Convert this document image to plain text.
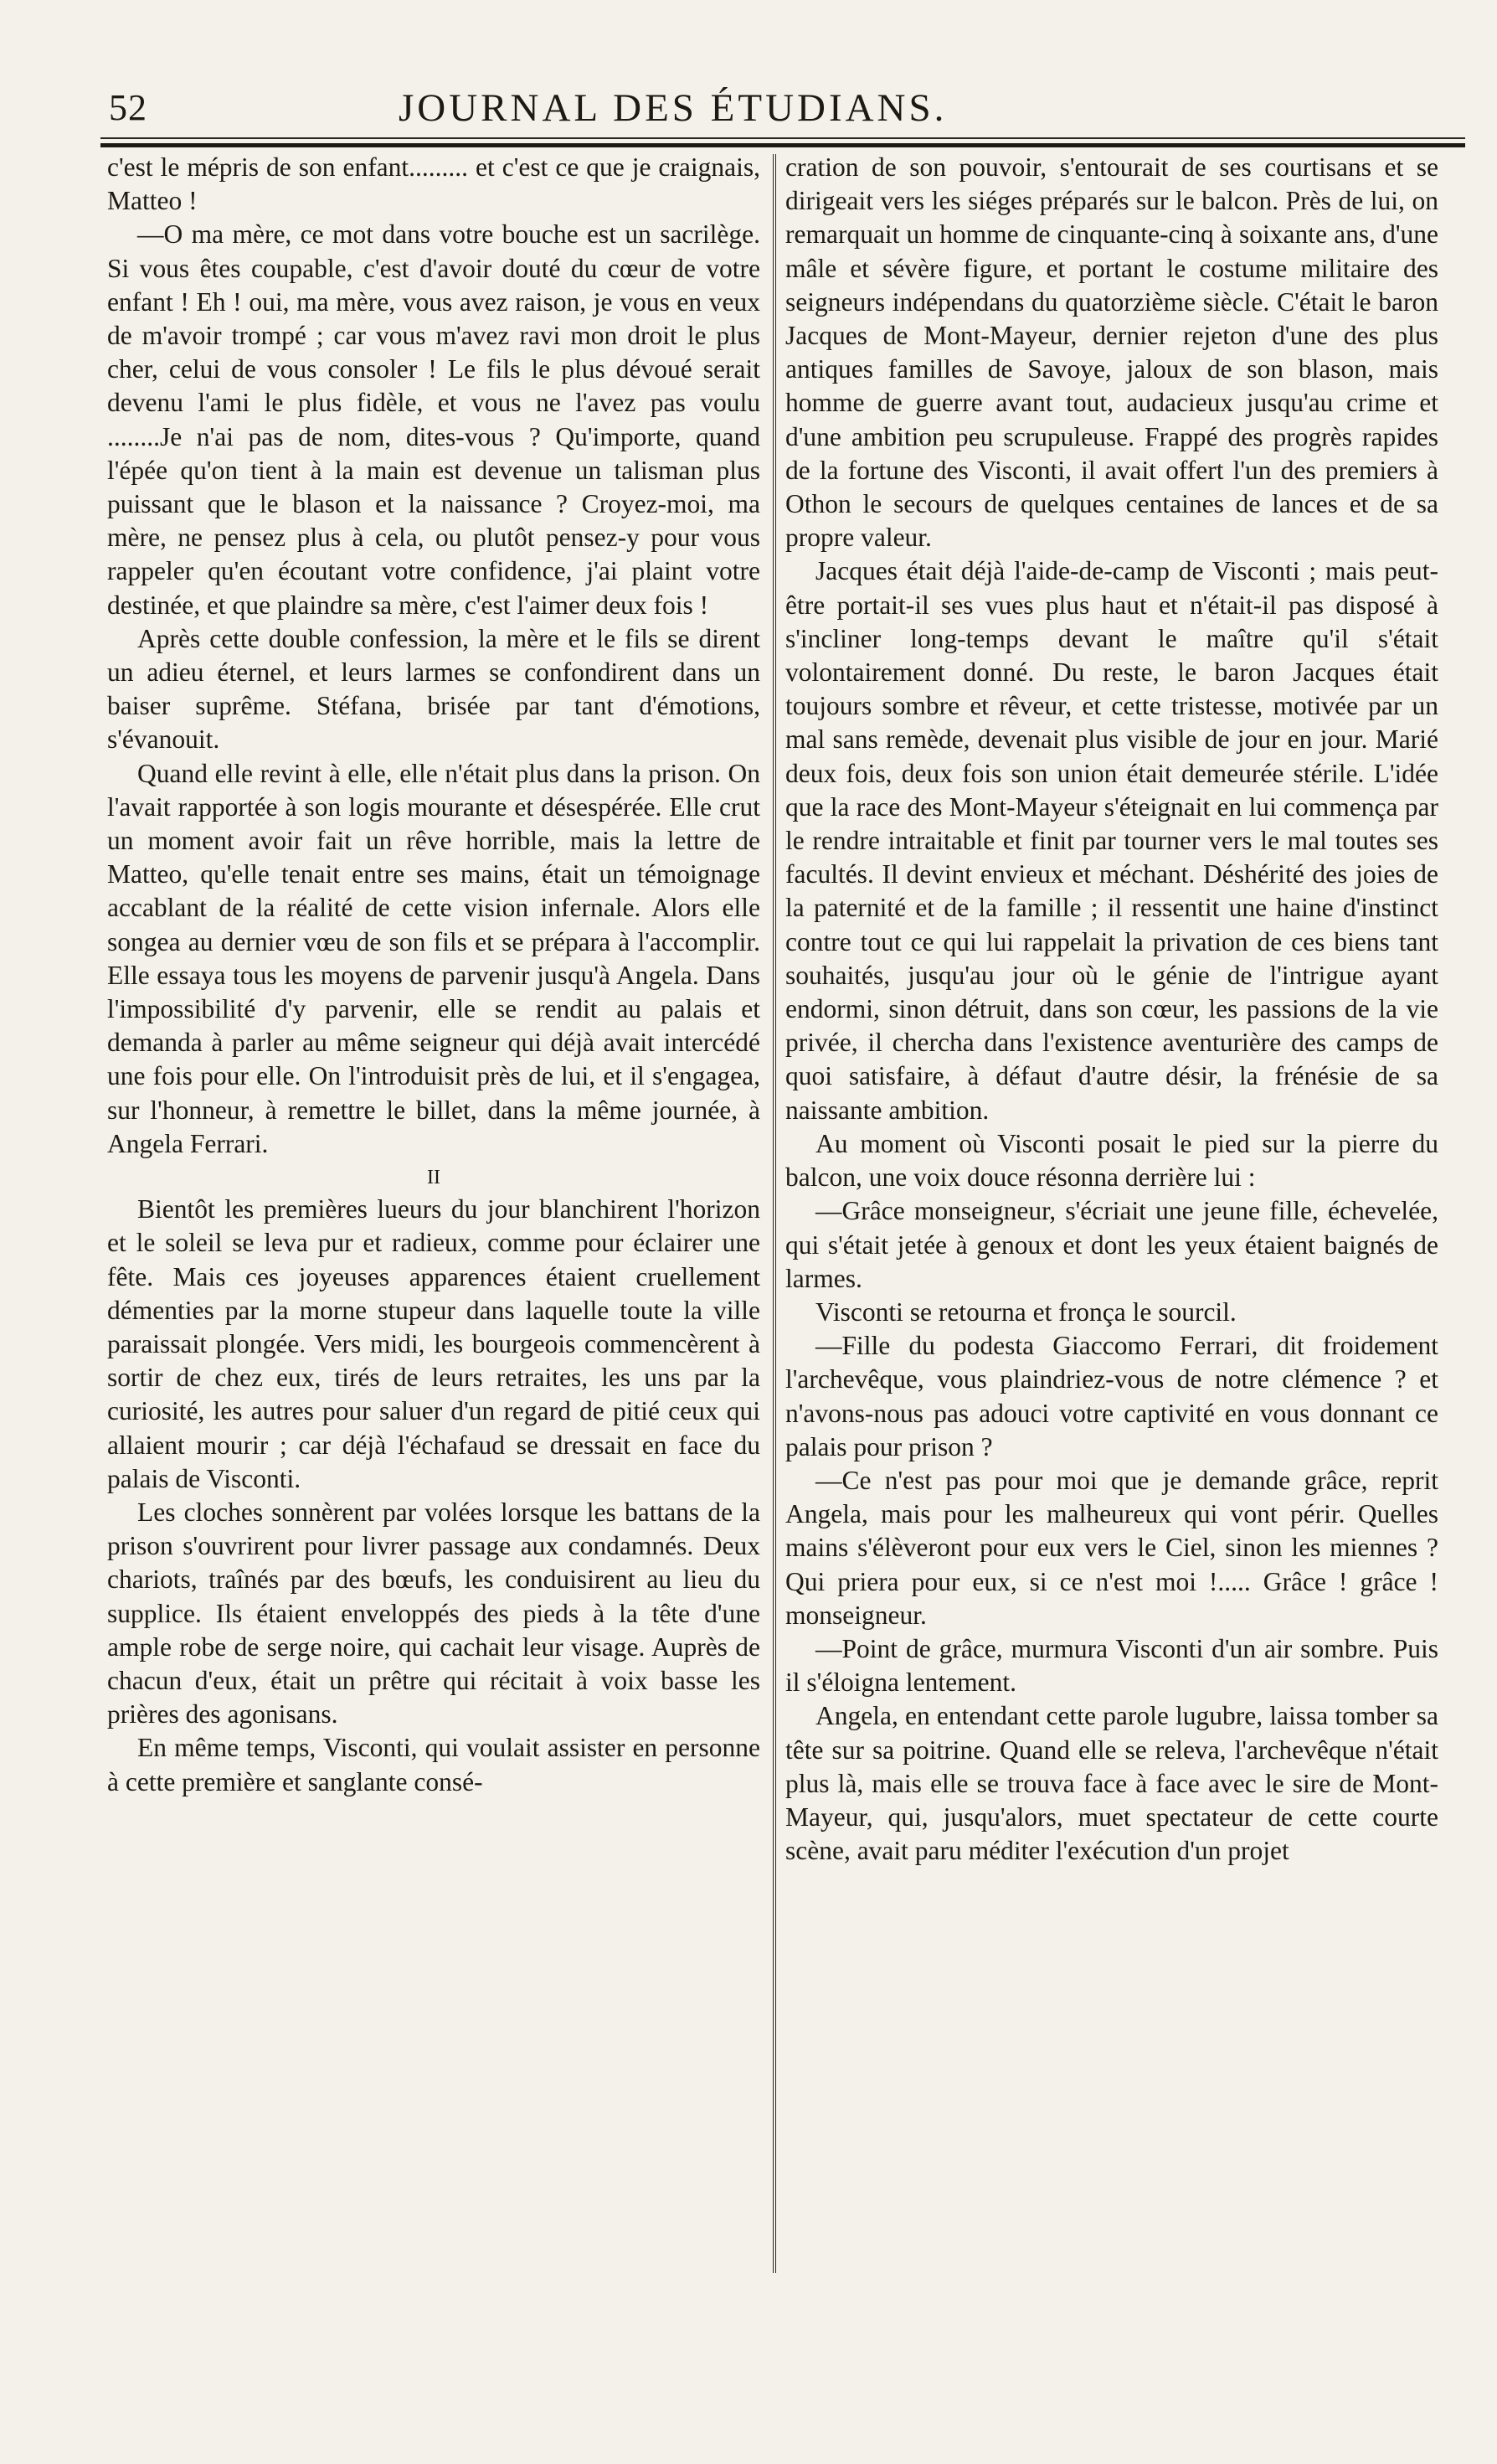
52	JOURNAL DES ÉTUDIANS.

c'est le mépris de son enfant......... et c'est ce que je craignais, Matteo !

—O ma mère, ce mot dans votre bouche est un sacrilège. Si vous êtes coupable, c'est d'avoir douté du cœur de votre enfant ! Eh ! oui, ma mère, vous avez raison, je vous en veux de m'avoir trompé ; car vous m'avez ravi mon droit le plus cher, celui de vous consoler ! Le fils le plus dévoué serait devenu l'ami le plus fidèle, et vous ne l'avez pas voulu ........Je n'ai pas de nom, dites-vous ? Qu'importe, quand l'épée qu'on tient à la main est devenue un talisman plus puissant que le blason et la naissance ? Croyez-moi, ma mère, ne pensez plus à cela, ou plutôt pensez-y pour vous rappeler qu'en écoutant votre confidence, j'ai plaint votre destinée, et que plaindre sa mère, c'est l'aimer deux fois !

Après cette double confession, la mère et le fils se dirent un adieu éternel, et leurs larmes se confondirent dans un baiser suprême. Stéfana, brisée par tant d'émotions, s'évanouit.

Quand elle revint à elle, elle n'était plus dans la prison. On l'avait rapportée à son logis mourante et désespérée. Elle crut un moment avoir fait un rêve horrible, mais la lettre de Matteo, qu'elle tenait entre ses mains, était un témoignage accablant de la réalité de cette vision infernale. Alors elle songea au dernier vœu de son fils et se prépara à l'accomplir. Elle essaya tous les moyens de parvenir jusqu'à Angela. Dans l'impossibilité d'y parvenir, elle se rendit au palais et demanda à parler au même seigneur qui déjà avait intercédé une fois pour elle. On l'introduisit près de lui, et il s'engagea, sur l'honneur, à remettre le billet, dans la même journée, à Angela Ferrari.

II

Bientôt les premières lueurs du jour blanchirent l'horizon et le soleil se leva pur et radieux, comme pour éclairer une fête. Mais ces joyeuses apparences étaient cruellement démenties par la morne stupeur dans laquelle toute la ville paraissait plongée. Vers midi, les bourgeois commencèrent à sortir de chez eux, tirés de leurs retraites, les uns par la curiosité, les autres pour saluer d'un regard de pitié ceux qui allaient mourir ; car déjà l'échafaud se dressait en face du palais de Visconti.

Les cloches sonnèrent par volées lorsque les battans de la prison s'ouvrirent pour livrer passage aux condamnés. Deux chariots, traînés par des bœufs, les conduisirent au lieu du supplice. Ils étaient enveloppés des pieds à la tête d'une ample robe de serge noire, qui cachait leur visage. Auprès de chacun d'eux, était un prêtre qui récitait à voix basse les prières des agonisans.

En même temps, Visconti, qui voulait assister en personne à cette première et sanglante consé-

cration de son pouvoir, s'entourait de ses courtisans et se dirigeait vers les siéges préparés sur le balcon. Près de lui, on remarquait un homme de cinquante-cinq à soixante ans, d'une mâle et sévère figure, et portant le costume militaire des seigneurs indépendans du quatorzième siècle. C'était le baron Jacques de Mont-Mayeur, dernier rejeton d'une des plus antiques familles de Savoye, jaloux de son blason, mais homme de guerre avant tout, audacieux jusqu'au crime et d'une ambition peu scrupuleuse. Frappé des progrès rapides de la fortune des Visconti, il avait offert l'un des premiers à Othon le secours de quelques centaines de lances et de sa propre valeur.

Jacques était déjà l'aide-de-camp de Visconti ; mais peut-être portait-il ses vues plus haut et n'était-il pas disposé à s'incliner long-temps devant le maître qu'il s'était volontairement donné. Du reste, le baron Jacques était toujours sombre et rêveur, et cette tristesse, motivée par un mal sans remède, devenait plus visible de jour en jour. Marié deux fois, deux fois son union était demeurée stérile. L'idée que la race des Mont-Mayeur s'éteignait en lui commença par le rendre intraitable et finit par tourner vers le mal toutes ses facultés. Il devint envieux et méchant. Déshérité des joies de la paternité et de la famille ; il ressentit une haine d'instinct contre tout ce qui lui rappelait la privation de ces biens tant souhaités, jusqu'au jour où le génie de l'intrigue ayant endormi, sinon détruit, dans son cœur, les passions de la vie privée, il chercha dans l'existence aventurière des camps de quoi satisfaire, à défaut d'autre désir, la frénésie de sa naissante ambition.

Au moment où Visconti posait le pied sur la pierre du balcon, une voix douce résonna derrière lui :

—Grâce monseigneur, s'écriait une jeune fille, échevelée, qui s'était jetée à genoux et dont les yeux étaient baignés de larmes.

Visconti se retourna et fronça le sourcil.

—Fille du podesta Giaccomo Ferrari, dit froidement l'archevêque, vous plaindriez-vous de notre clémence ? et n'avons-nous pas adouci votre captivité en vous donnant ce palais pour prison ?

—Ce n'est pas pour moi que je demande grâce, reprit Angela, mais pour les malheureux qui vont périr. Quelles mains s'élèveront pour eux vers le Ciel, sinon les miennes ? Qui priera pour eux, si ce n'est moi !..... Grâce ! grâce ! monseigneur.

—Point de grâce, murmura Visconti d'un air sombre. Puis il s'éloigna lentement.

Angela, en entendant cette parole lugubre, laissa tomber sa tête sur sa poitrine. Quand elle se releva, l'archevêque n'était plus là, mais elle se trouva face à face avec le sire de Mont-Mayeur, qui, jusqu'alors, muet spectateur de cette courte scène, avait paru méditer l'exécution d'un projet
